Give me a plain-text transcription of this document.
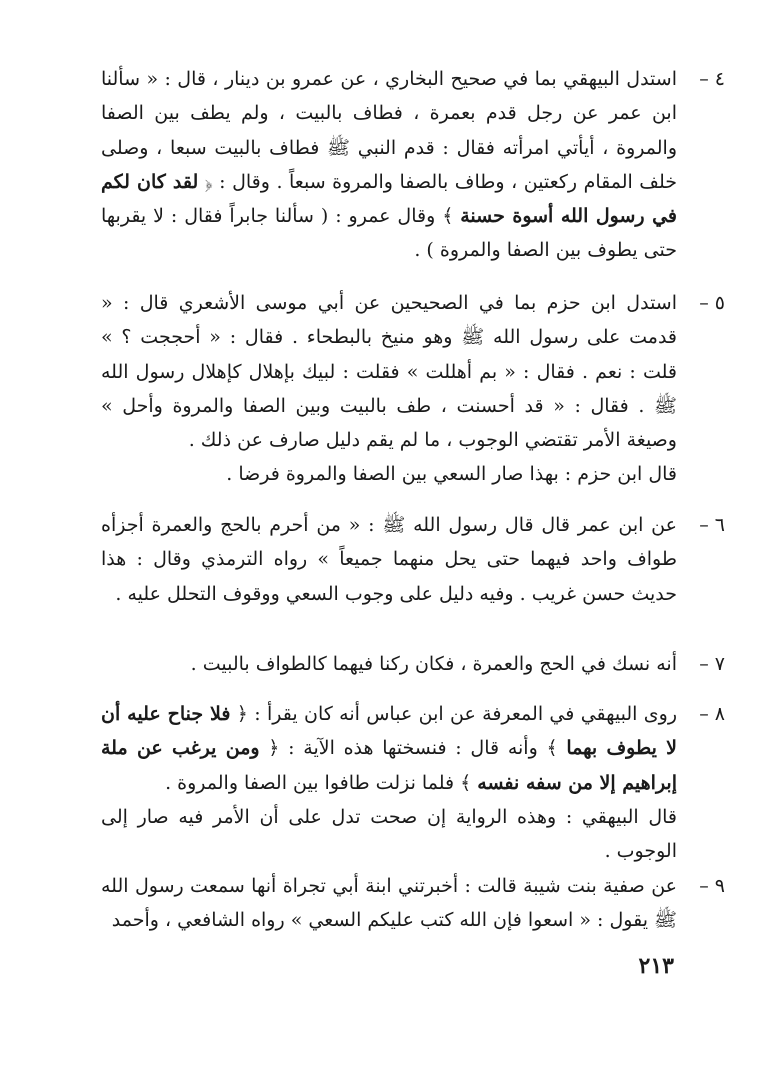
٤ –

استدل البيهقي بما في صحيح البخاري ، عن عمرو بن دينار ، قال : « سألنا ابن عمر عن رجل قدم بعمرة ، فطاف بالبيت ، ولم يطف بين الصفا والمروة ، أيأتي امرأته فقال : قدم النبي ﷺ فطاف بالبيت سبعا ، وصلى خلف المقام ركعتين ، وطاف بالصفا والمروة سبعاً . وقال : ﴿ لقد كان لكم في رسول الله أسوة حسنة ﴾ وقال عمرو : ( سألنا جابراً فقال : لا يقربها حتى يطوف بين الصفا والمروة ) .

٥ –

استدل ابن حزم بما في الصحيحين عن أبي موسى الأشعري قال : « قدمت على رسول الله ﷺ وهو منيخ بالبطحاء . فقال : « أحججت ؟ » قلت : نعم . فقال : « بم أهللت » فقلت : لبيك بإهلال كإهلال رسول الله ﷺ . فقال : « قد أحسنت ، طف بالبيت وبين الصفا والمروة وأحل » وصيغة الأمر تقتضي الوجوب ، ما لم يقم دليل صارف عن ذلك .

قال ابن حزم : بهذا صار السعي بين الصفا والمروة فرضا .

٦ –

عن ابن عمر قال قال رسول الله ﷺ : « من أحرم بالحج والعمرة أجزأه طواف واحد فيهما حتى يحل منهما جميعاً » رواه الترمذي وقال : هذا حديث حسن غريب . وفيه دليل على وجوب السعي ووقوف التحلل عليه .

٧ –

أنه نسك في الحج والعمرة ، فكان ركنا فيهما كالطواف بالبيت .

٨ –

روى البيهقي في المعرفة عن ابن عباس أنه كان يقرأ : ﴿ فلا جناح عليه أن لا يطوف بهما ﴾ وأنه قال : فنسختها هذه الآية : ﴿ ومن يرغب عن ملة إبراهيم إلا من سفه نفسه ﴾ فلما نزلت طافوا بين الصفا والمروة .

قال البيهقي : وهذه الرواية إن صحت تدل على أن الأمر فيه صار إلى الوجوب .

٩ –

عن صفية بنت شيبة قالت : أخبرتني ابنة أبي تجراة أنها سمعت رسول الله ﷺ يقول : « اسعوا فإن الله كتب عليكم السعي » رواه الشافعي ، وأحمد

٢١٣
